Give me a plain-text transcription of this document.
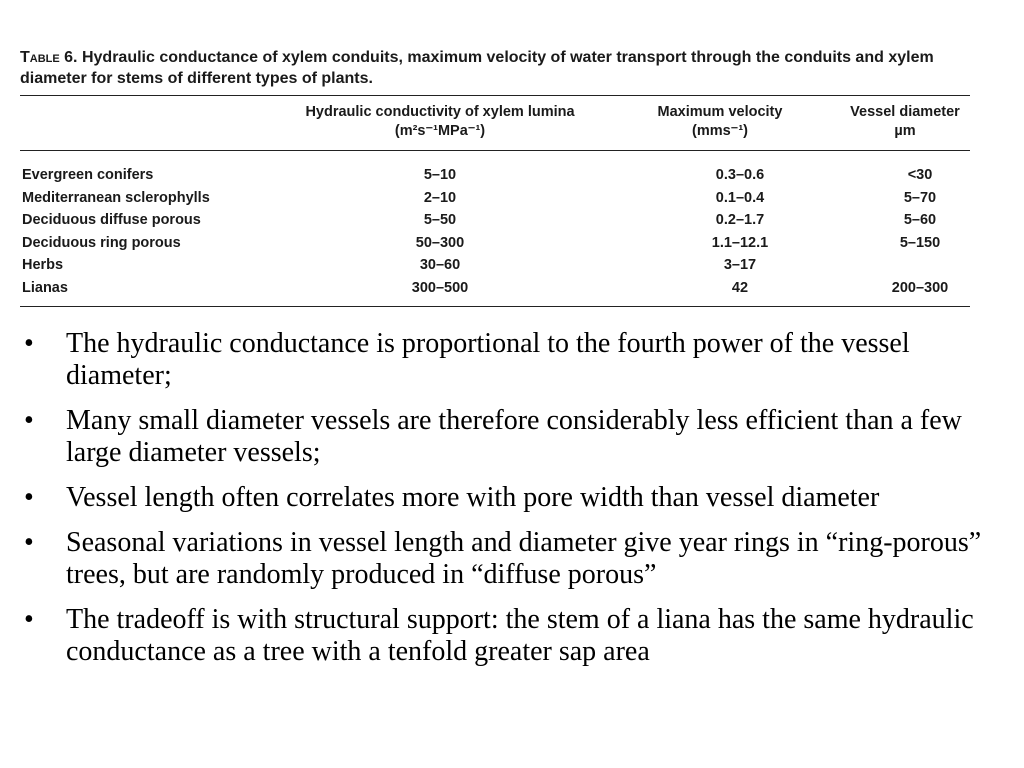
Table 6. Hydraulic conductance of xylem conduits, maximum velocity of water transport through the conduits and xylem diameter for stems of different types of plants.

Hydraulic conductivity of xylem lumina
(m²s⁻¹MPa⁻¹)
Maximum velocity
(mms⁻¹)
Vessel diameter
µm
Evergreen conifers	5–10	0.3–0.6	<30
Mediterranean sclerophylls	2–10	0.1–0.4	5–70
Deciduous diffuse porous	5–50	0.2–1.7	5–60
Deciduous ring porous	50–300	1.1–12.1	5–150
Herbs	30–60	3–17
Lianas	300–500	42	200–300
•	The hydraulic conductance is proportional to the fourth power of the vessel diameter;
•	Many small diameter vessels are therefore considerably less efficient than a few large diameter vessels;
•	Vessel length often correlates more with pore width than vessel diameter
•	Seasonal variations in vessel length and diameter give year rings in “ring-porous” trees, but are randomly produced in “diffuse porous”
•	The tradeoff is with structural support: the stem of a liana has the same hydraulic conductance as a tree with a tenfold greater sap area
